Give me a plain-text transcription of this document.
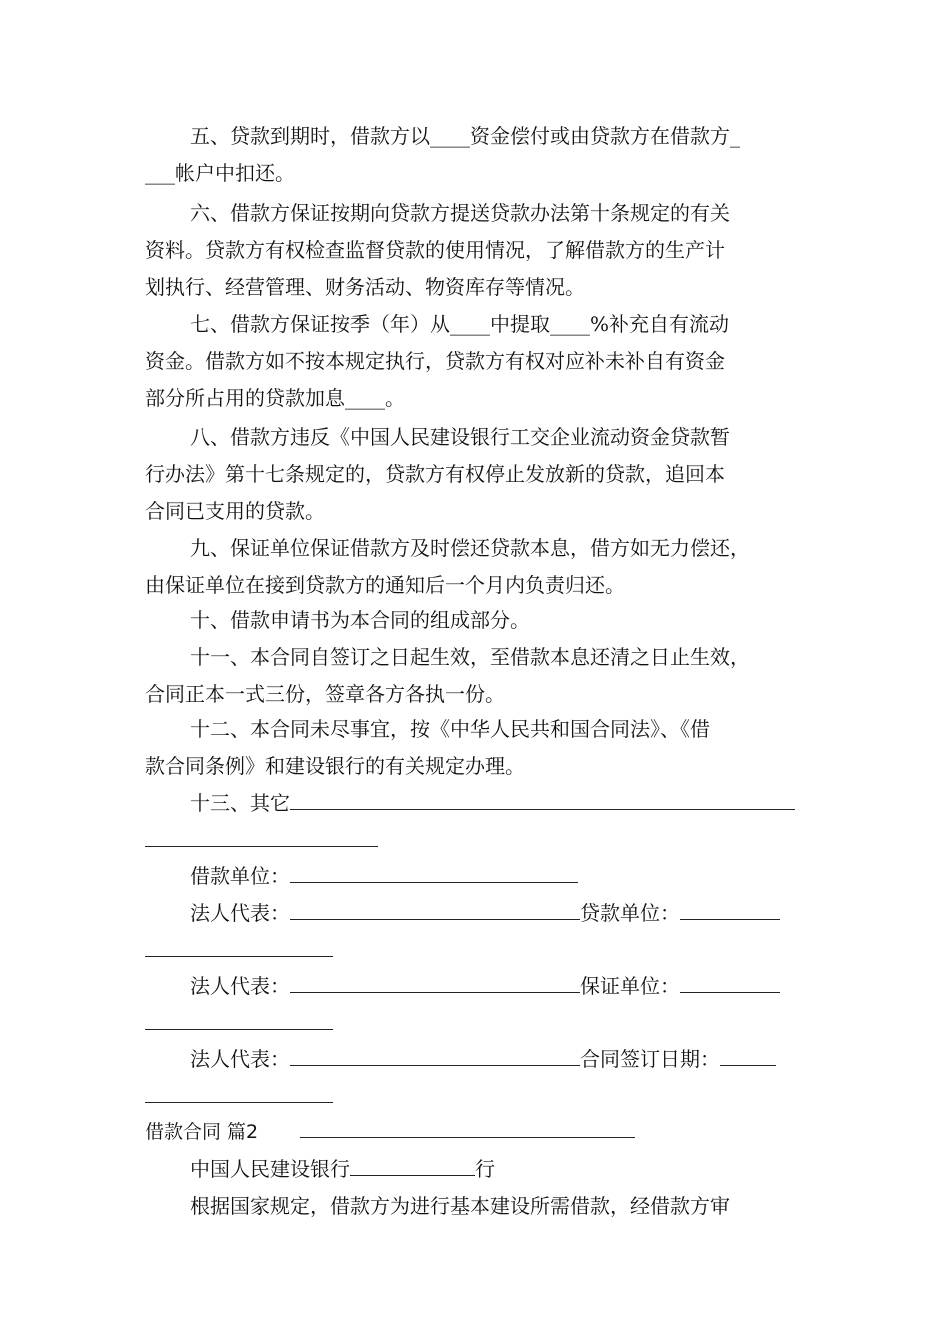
五、贷款到期时，借款方以____资金偿付或由贷款方在借款方_
___帐户中扣还。
六、借款方保证按期向贷款方提送贷款办法第十条规定的有关
资料。贷款方有权检查监督贷款的使用情况，了解借款方的生产计
划执行、经营管理、财务活动、物资库存等情况。
七、借款方保证按季（年）从____中提取____%补充自有流动
资金。借款方如不按本规定执行，贷款方有权对应补未补自有资金
部分所占用的贷款加息____。
八、借款方违反《中国人民建设银行工交企业流动资金贷款暂
行办法》第十七条规定的，贷款方有权停止发放新的贷款，追回本
合同已支用的贷款。
九、保证单位保证借款方及时偿还贷款本息，借方如无力偿还，
由保证单位在接到贷款方的通知后一个月内负责归还。
十、借款申请书为本合同的组成部分。
十一、本合同自签订之日起生效，至借款本息还清之日止生效，
合同正本一式三份，签章各方各执一份。
十二、本合同未尽事宜，按《中华人民共和国合同法》、《借
款合同条例》和建设银行的有关规定办理。
十三、其它
借款单位：
法人代表：	贷款单位：
法人代表：	保证单位：
法人代表：	合同签订日期：
借款合同 篇2
中国人民建设银行	行
根据国家规定，借款方为进行基本建设所需借款，经借款方审
